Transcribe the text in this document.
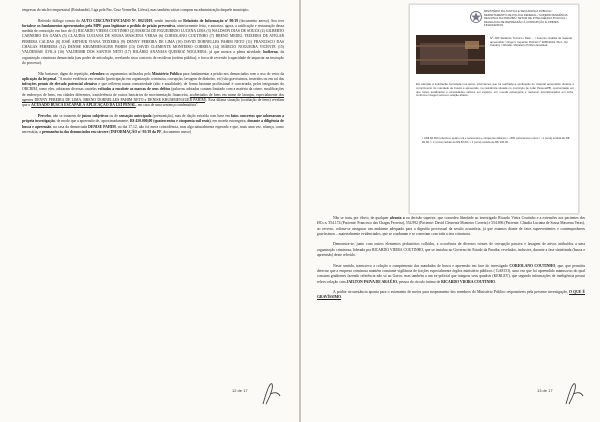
empresas do núcleo empresarial (Brinkmobil, Liga pela Paz, Cruz Vermelha, Lifesa), mas também várias compras na administração daquele município.

Referido diálogo consta do AUTO CIRCUNSTANCIADO Nº. 002/2019, sendo inserido no Relatório de Informação nº 90/19 (documento anexo). Seu teor fortalece os fundamentos apresentados pelo MPE para legitimar o pedido de prisão preventiva, anteriormente feito, e autoriza, agora, a ratificação e restauração dessa medida de constrição em face de (1) RICARDO VIEIRA COUTINHO (2) MARCIA DE FIGUEIREDO LUCENA LIRA (3) WALDSON DIAS DE SOUZA (4) GILBERTO CARNEIRO DA GAMA (5) CLAUDIA LUCIANA DE SOUSA MASCENA VERAS (6) CORIOLANO COUTINHO (7) BRENO MEDEL TEIXEIRA DE AVELAR PEREIRA CALDAS (8) JOSÉ ARTHUR VIANA TEIXEIRA (9) DENNY PEREIRA DE LIMA (10) DAVID DORNELLES PAHIM NETO (11) FRANCISCO DAS CHAGAS FERREIRA (12) DENISE KRUMMENAUER PAHIM (13) DAVID CLEMENTE MONTEIRO CORREIA (14) MÁRCIO NOGUEIRA VICENTE (15) VALDEMAR ÁVILA (16) VALDEMIR DOS SANTOS NETO (17) HILÁRIO ANANIAS QUEIROZ NOGUEIRA; já que mostra a plena atividade, hodierna, da organização criminosa denunciada (seu poder de articulação, revelando risco concreto de recidivas (ordem pública), e forca de reversão (capacidade de impactar na instrução do processo).

Não bastasse, digno de repetição, relembro os argumentos utilizados pelo Ministério Público para fundamentar a prisão nos denunciados com o uso do vetor da aplicação da lei penal. "A maior evidência em reunião (participação em organização criminosa, corrupção, lavagem de dinheiro, etc) são gravíssimos, inseridos ou em rol das infrações penais de elevado potencial ofensivo e que refletem numa contrariedade (alto e atualidade), de forma bastante profissional e concertada, pelos integrantes do ORCRIM, como eles, adotaram diversas cautelas voltadas a encobrir as marcas de seus delitos (palavras adotadas contam limitado com a matéria da crime, modificações de endereços de bens, em cidades diferentes, transferência de outros bancários de movimentação financeira, acobertados de bens em nome de laranjas, especialmente dos agentes DENNY PEREIRA DE LIMA, BRENO DORNELLES PAHIM NETO e DENISE KRUMMENAUER PAHIM). Essa última situação (ocultação de bens) revelam que o ACUSADO BUSCA ESCAPAR À APLICAÇÃO DA LEI PENAL, em caso de uma sentença condenatória".

Percebo, não se tratarem de juízos subjetivos ou de sensação antecipada (premonição), mas de ilação extraída com base em fatos concretos que adornaram a própria investigação, de modo que a apreensão de, aproximadamente, R$ 450.000,00 (quatrocentos e cinquenta mil reais), em moeda estrangeira, durante a diligência de busca e apreensão, na casa da denunciada DENISE PAHIM, no dia 17.12, não foi mera coincidência, mas algo naturalmente esperado e que, mais uma vez, afiança, como necessária, a permanência dos denunciados em cárcere (INFORMAÇÃO nº 95/19 da PF, documento anexo)

12 de 17
MINISTÉRIO DA JUSTIÇA E SEGURANÇA PÚBLICA / DEPARTAMENTO DE POLÍCIA FEDERAL / SUPERINTENDÊNCIA REGIONAL DA PARAÍBA / SETOR DE INTELIGÊNCIA POLICIAL / DELEGACIA DE REPRESSÃO À CORRUPÇÃO E CRIMES FINANCEIROS
Nº: APF Relatório Técnico / Data: ... / Assunto: Análise de material apreendido / Origem: Inquérito Policial nº 0086/2019 / Ref.: Op. Calvário / Difusão: Ministério Público Estadual
Em atenção à solicitação formulada nos autos, informamos que foi realizada a verificação do material apreendido durante o cumprimento do mandado de busca e apreensão, na residência situada no município de João Pessoa/PB, oportunidade em que foram localizados e arrecadados valores em espécie, em moeda estrangeira e nacional, acondicionados em cofre, conforme imagem acima e relação abaixo:
• US$ 84.650 (oitenta e quatro mil e seiscentos e cinquenta dólares) / • 800 (oitocentos) euros / • 1 (uma) cédula de R$ 20,00 / • 1 (uma) cédula de R$ 50,00 / • 1 (uma) cédula de R$ 100,00

Não se trata, por óbvio, de qualquer afronta a ou decisão superior, que concedeu liberdade ao investigado Ricardo Vieira Coutinho e a extensões aos pacientes dos HCs n. 554.174 (Paciente: Francisco das Chagas Ferreira), 554.992 (Paciente: David Clemente Monteiro Correia) e 554.696 (Paciente: Cláudia Luciana de Sousa Mascena Veras), ao reverso, colima-se assegurar um ambiente adequado para a digestão processual da sessão acusatória, já que estamos diante de fatos supervenientes e contemporâneos gravíssimos – materialmente evidenciados, que se coadunam e se conectam com toda a teia criminosa.

Demonstra-se, junto com outros elementos probatórios colhidos, a ocorrência de diversos crimes de corrupção passiva e lavagem de ativos atribuídos a uma organização criminosa, liderada por RICARDO VIEIRA COUTINHO, que se instalou no Governo do Estado da Paraíba, revelados, inclusive, durante a fase sintetizada (busca e apreensão) deste referido.

Neste sentido, transcrevo a colação o cumprimento dos mandados de busca e apreensão em face do investigado CORIOLANO COUTINHO, que, que permitiu detectar que a empresa criminosa mantém constante vigilância de frações especialmente órgãos ministério públicos ( GAECO), uma vez que foi apreendido manuscrito do qual constam gradientes fazendo referência não só ao Gaeco, mas também a um ex-policial que integrou seus quadros (KERLEY), que segundo informações de inteligência possui relevo relação com JAILTON PAIVA DE ARAÚJO, pessoa do círculo íntimo de RICARDO VIEIRA COUTINHO.

A pridite circunstância aponta para o aviamento de meios para mapeamento dos membros do Ministério Público responsáveis pela presente investigação, O QUE É GRAVÍSSIMO.

13 de 17
